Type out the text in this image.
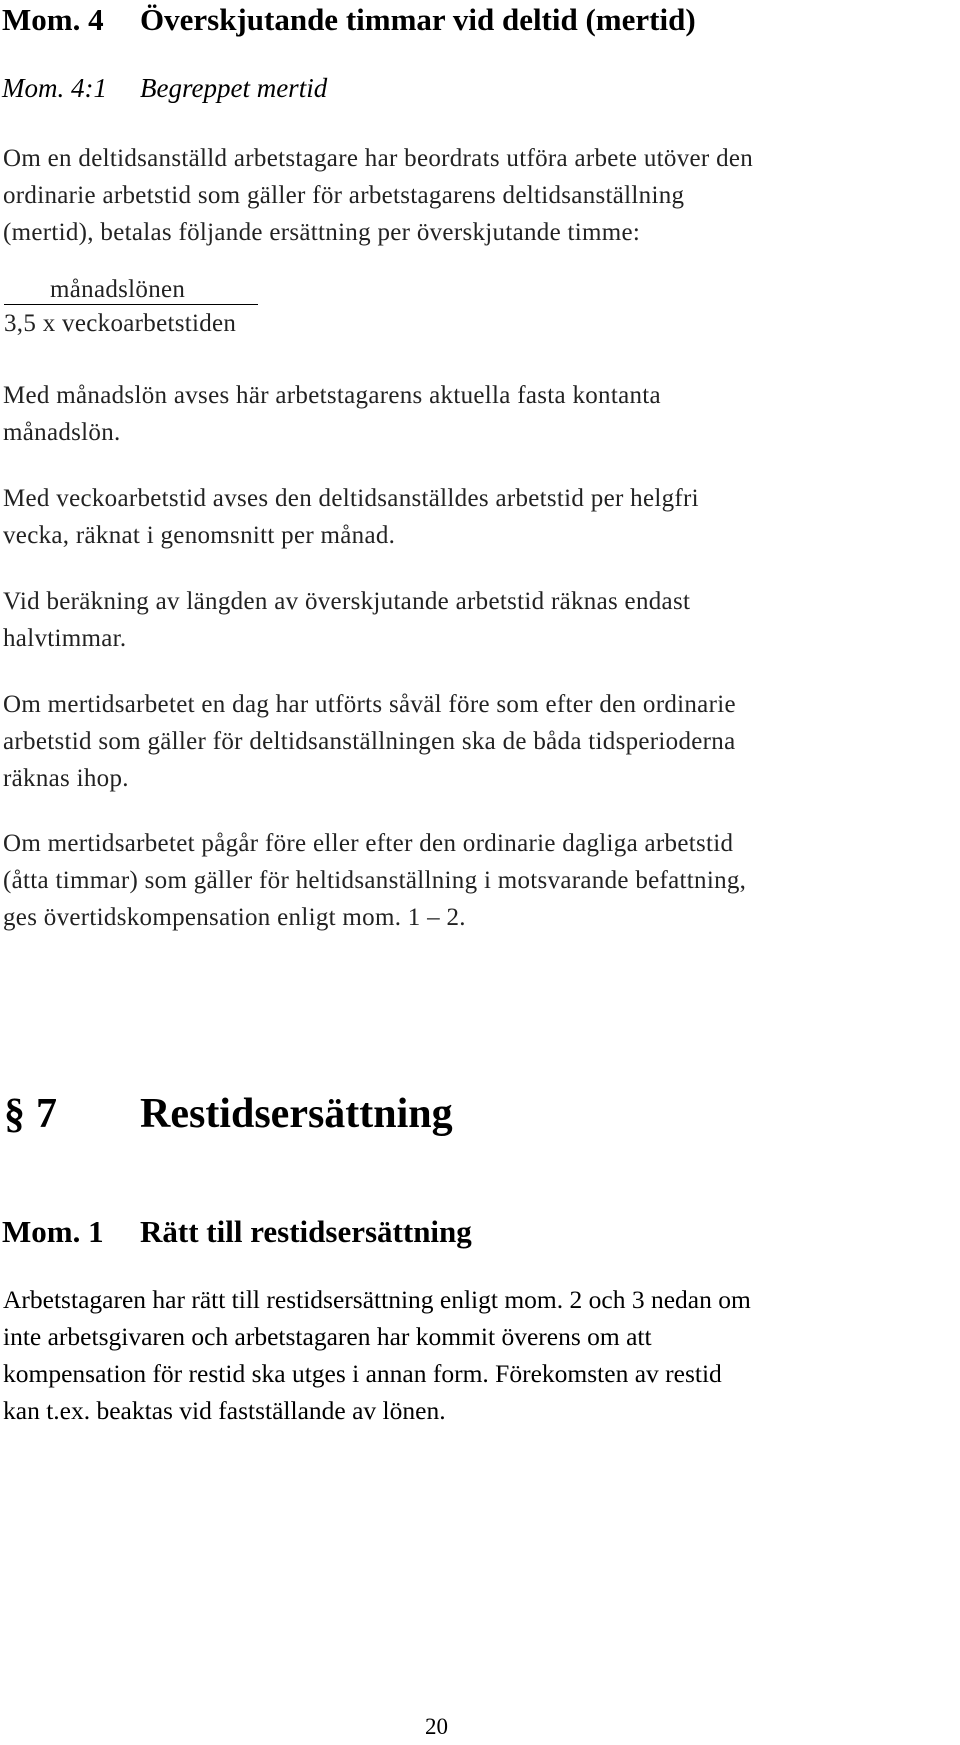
Mom. 4 Överskjutande timmar vid deltid (mertid)
Mom. 4:1 Begreppet mertid
Om en deltidsanställd arbetstagare har beordrats utföra arbete utöver den
ordinarie arbetstid som gäller för arbetstagarens deltidsanställning
(mertid), betalas följande ersättning per överskjutande timme:
månadslönen
3,5 x veckoarbetstiden
Med månadslön avses här arbetstagarens aktuella fasta kontanta
månadslön.
Med veckoarbetstid avses den deltidsanställdes arbetstid per helgfri
vecka, räknat i genomsnitt per månad.
Vid beräkning av längden av överskjutande arbetstid räknas endast
halvtimmar.
Om mertidsarbetet en dag har utförts såväl före som efter den ordinarie
arbetstid som gäller för deltidsanställningen ska de båda tidsperioderna
räknas ihop.
Om mertidsarbetet pågår före eller efter den ordinarie dagliga arbetstid
(åtta timmar) som gäller för heltidsanställning i motsvarande befattning,
ges övertidskompensation enligt mom. 1 – 2.
§ 7 Restidsersättning
Mom. 1 Rätt till restidsersättning
Arbetstagaren har rätt till restidsersättning enligt mom. 2 och 3 nedan om
inte arbetsgivaren och arbetstagaren har kommit överens om att
kompensation för restid ska utges i annan form. Förekomsten av restid
kan t.ex. beaktas vid fastställande av lönen.
20
